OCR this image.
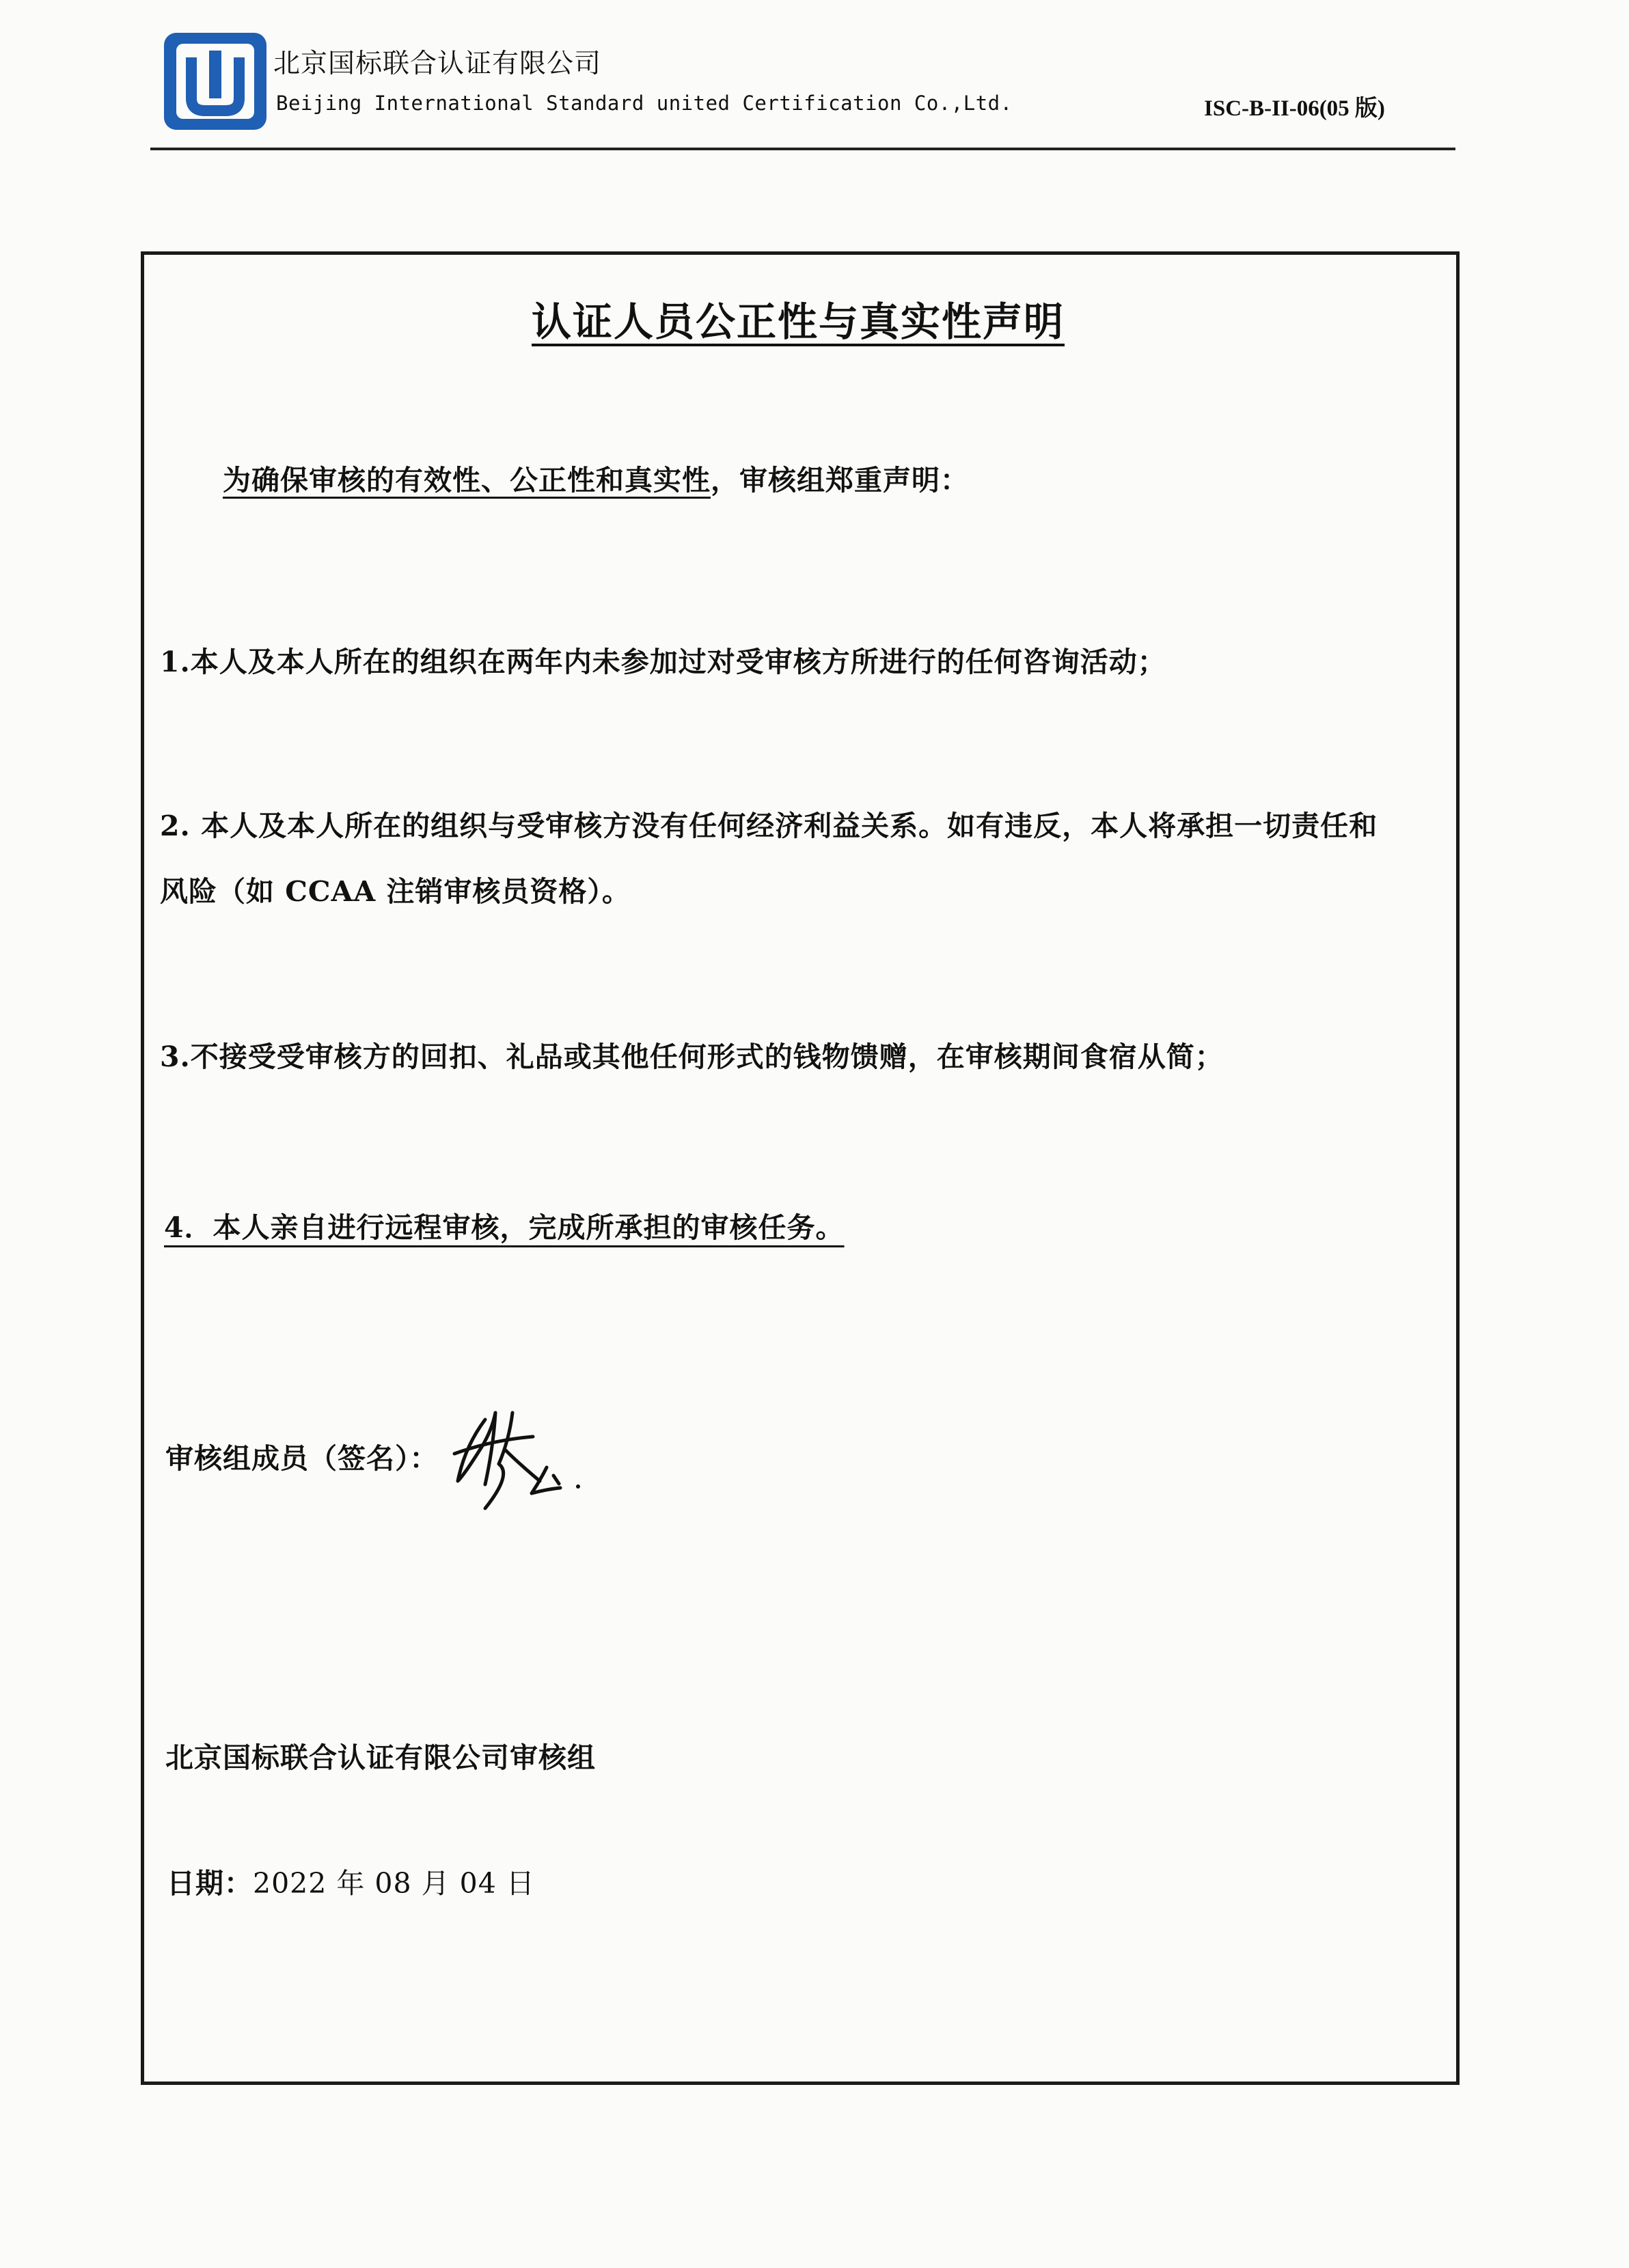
北京国标联合认证有限公司
Beijing International Standard united Certification Co.,Ltd.	ISC-B-II-06(05 版)
认证人员公正性与真实性声明
为确保审核的有效性、公正性和真实性，审核组郑重声明：
1.本人及本人所在的组织在两年内未参加过对受审核方所进行的任何咨询活动；
2. 本人及本人所在的组织与受审核方没有任何经济利益关系。如有违反，本人将承担一切责任和
风险（如 CCAA 注销审核员资格）。
3.不接受受审核方的回扣、礼品或其他任何形式的钱物馈赠，在审核期间食宿从简；
4．本人亲自进行远程审核，完成所承担的审核任务。
审核组成员（签名）：
北京国标联合认证有限公司审核组
日期：2022 年 08 月 04 日
